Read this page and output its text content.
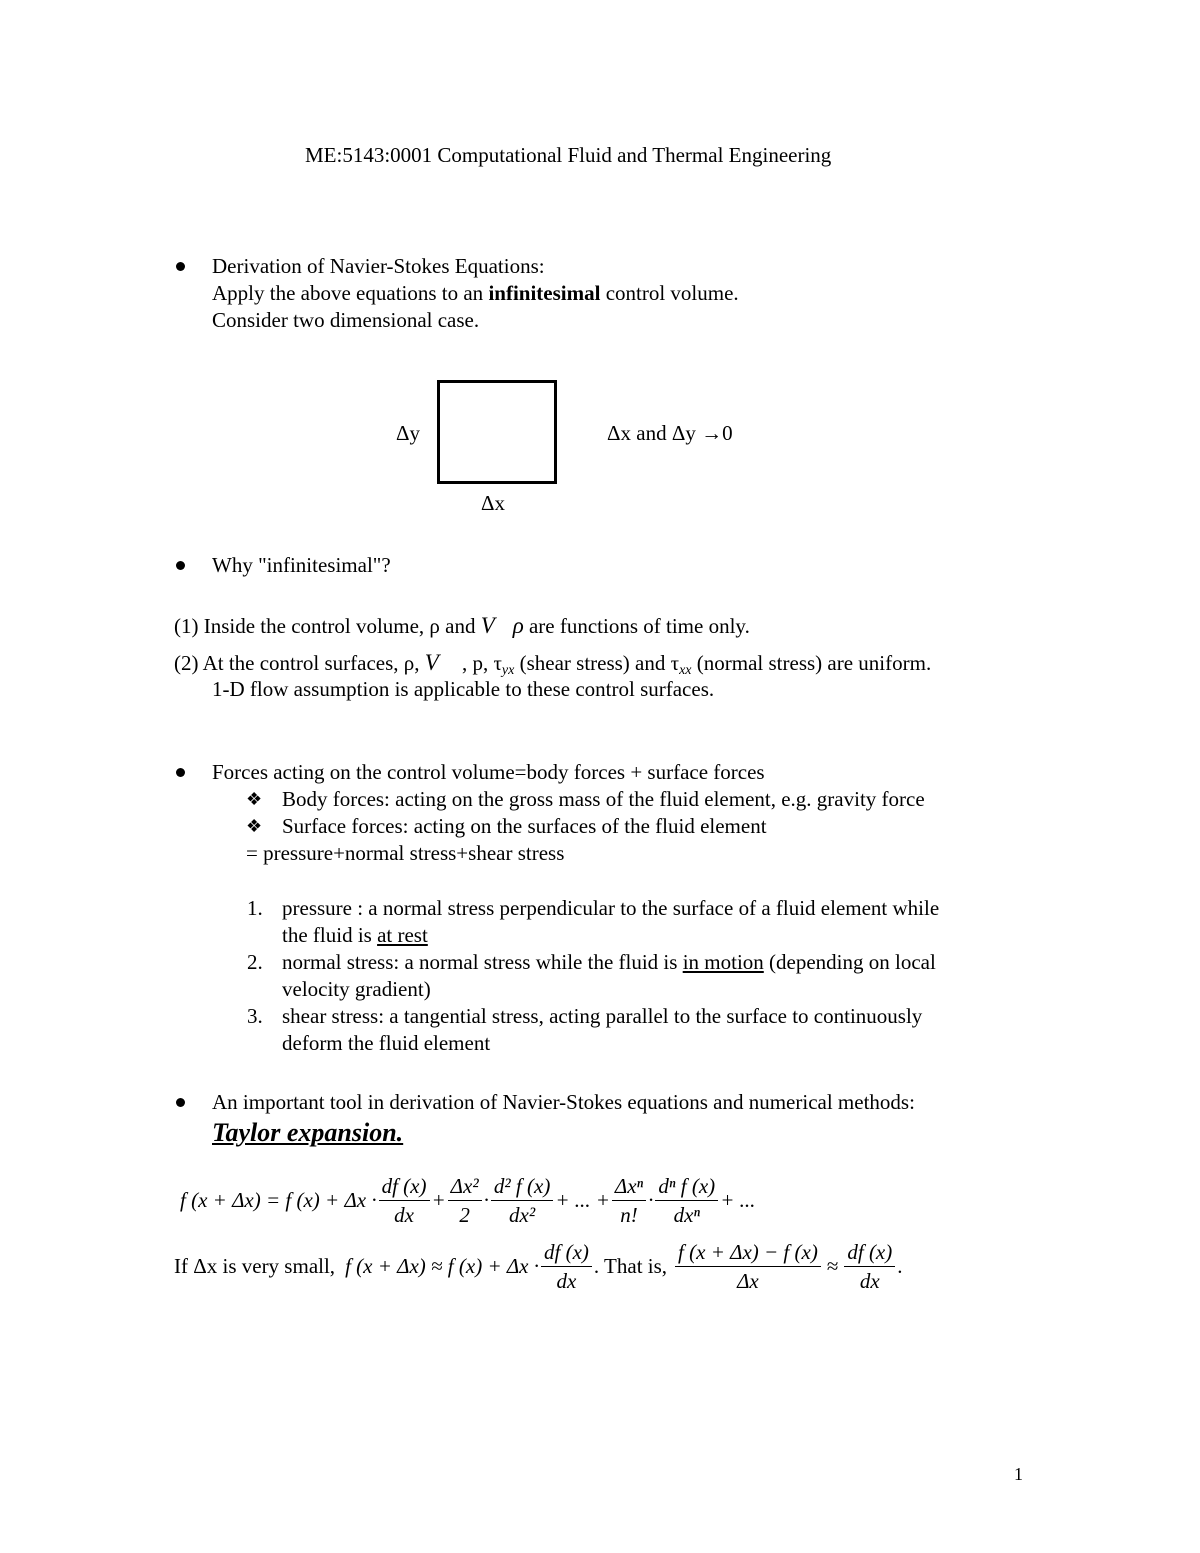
ME:5143:0001 Computational Fluid and Thermal Engineering
Derivation of Navier-Stokes Equations:
Apply the above equations to an infinitesimal control volume.
Consider two dimensional case.
Δy
Δx
Δx and Δy →0
Why "infinitesimal"?
(1) Inside the control volume, ρ and V⃗ρ are functions of time only.
(2) At the control surfaces, ρ, V⃗ , p, $\tau_{yx}$ (shear stress) and $\tau_{xx}$ (normal stress) are uniform.
1-D flow assumption is applicable to these control surfaces.
Forces acting on the control volume=body forces + surface forces
❖ Body forces: acting on the gross mass of the fluid element, e.g. gravity force
❖ Surface forces: acting on the surfaces of the fluid element
= pressure+normal stress+shear stress
1. pressure : a normal stress perpendicular to the surface of a fluid element while
the fluid is at rest
2. normal stress: a normal stress while the fluid is in motion (depending on local
velocity gradient)
3. shear stress: a tangential stress, acting parallel to the surface to continuously
deform the fluid element
An important tool in derivation of Navier-Stokes equations and numerical methods:
Taylor expansion.
f (x + Δx) = f $(x) + \Delta x \cdot \frac{df (x)}{dx} + \frac{\text{Δx²}}{2} \cdot \frac{\text{d² f (x)}}{\text{dx²}}$ + ... + $\frac{\text{Δxⁿ}}{n!} \cdot \frac{\text{dⁿ f (x)}}{\text{dxⁿ}}$ + ...
If Δx is very small, f (x + Δx) ≈ f $(x) + \Delta x \cdot \frac{df (x)}{dx}$ . That is, $\frac{f (x + \Delta x) - f (x)}{\Delta x} \approx \frac{df (x)}{dx}$ .
1
